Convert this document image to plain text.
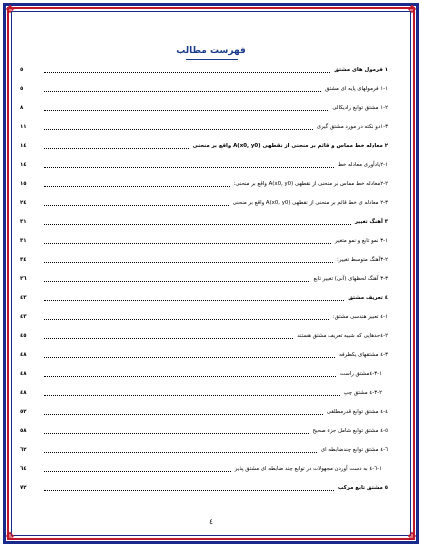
✥	✥
✥	✥
فهرست مطالب
١ فرمول های مشتق
٥
١-١ فرمولهای پایه ای مشتق
٥
٢-١ مشتق توابع رادیکالی
٨
٣-١دو نکته در مورد مشتق گیری
١١
٢ معادله خط مماس و قائم بر منحنی از نقطهی A(x0, y0) واقع بر منحنی
١٤
١-٢یادآوری معادله خط
١٤
٢-٢معادله خط مماس بر منحنی از نقطهی A(x0, y0) واقع بر منحنی:
١٥
٣-٢ معادله ی خط قائم بر منحنی از نقطهی A(x0, y0) واقع بر منحنی
٢٤
٣ آهنگ تغییر
٣١
١-٣ نمو تابع و نمو متغیر
٣١
٢-٣آهنگ متوسط تغییر:
٣٤
٣-٣ آهنگ لحظهای (آنی) تغییر تابع
٣٦
٤ تعریف مشتق
٤٣
١-٤ تعبیر هندسی مشتق:
٤٣
٢-٤حدهایی که شبیه تعریف مشتق هستند
٤٥
٣-٤ مشتقهای یکطرفه
٤٨
١-٣-٤مشتق راست
٤٨
٢-٣-٤ مشتق چپ
٤٨
٤-٤ مشتق توابع قدرمطلقی
٥٢
٥-٤ مشتق توابع شامل جزء صحیح
٥٨
٦-٤ مشتق توابع چندضابطه ای
٦٢
١-٦-٤ به دست آوردن مجهولات در توابع چند ضابطه ای مشتق پذیر
٦٤
٥ مشتق تابع مرکب
٧٢
٤
